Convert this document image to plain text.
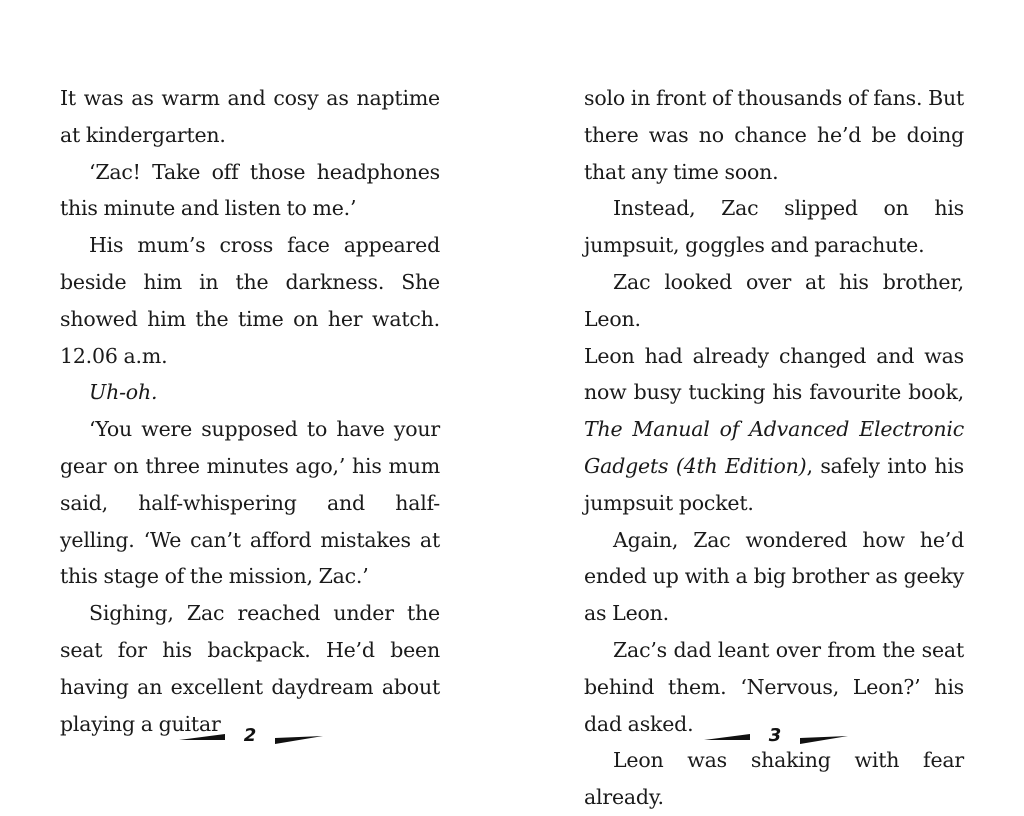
It was as warm and cosy as naptime at kindergarten.

‘Zac! Take off those headphones this minute and listen to me.’

His mum’s cross face appeared beside him in the darkness. She showed him the time on her watch. 12.06 a.m.

Uh-oh.

‘You were supposed to have your gear on three minutes ago,’ his mum said, half-whispering and half-yelling. ‘We can’t afford mistakes at this stage of the mission, Zac.’

Sighing, Zac reached under the seat for his backpack. He’d been having an excellent daydream about playing a guitar	2

solo in front of thousands of fans. But there was no chance he’d be doing that any time soon.

Instead, Zac slipped on his jumpsuit, goggles and parachute.

Zac looked over at his brother, Leon.

Leon had already changed and was now busy tucking his favourite book, The Manual of Advanced Electronic Gadgets (4th Edition), safely into his jumpsuit pocket.

Again, Zac wondered how he’d ended up with a big brother as geeky as Leon.

Zac’s dad leant over from the seat behind them. ‘Nervous, Leon?’ his dad asked.

Leon was shaking with fear already.

3
